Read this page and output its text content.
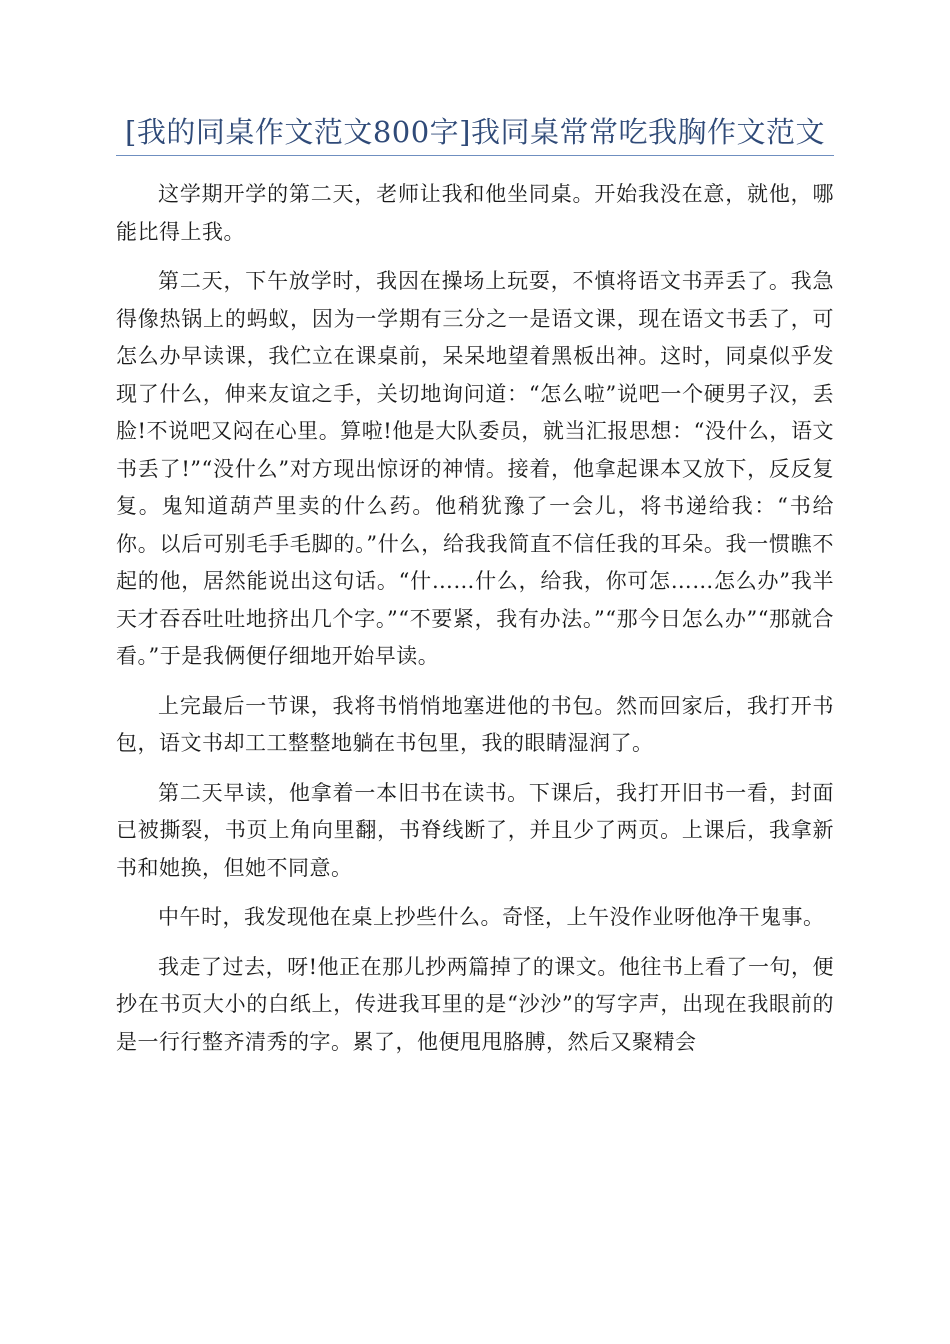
[我的同桌作文范文800字]我同桌常常吃我胸作文范文

这学期开学的第二天，老师让我和他坐同桌。开始我没在意，就他，哪能比得上我。

第二天，下午放学时，我因在操场上玩耍，不慎将语文书弄丢了。我急得像热锅上的蚂蚁，因为一学期有三分之一是语文课，现在语文书丢了，可怎么办早读课，我伫立在课桌前，呆呆地望着黑板出神。这时，同桌似乎发现了什么，伸来友谊之手，关切地询问道：“怎么啦”说吧一个硬男子汉，丢脸!不说吧又闷在心里。算啦!他是大队委员，就当汇报思想：“没什么，语文书丢了!”“没什么”对方现出惊讶的神情。接着，他拿起课本又放下，反反复复。鬼知道葫芦里卖的什么药。他稍犹豫了一会儿，将书递给我：“书给你。以后可别毛手毛脚的。”什么，给我我简直不信任我的耳朵。我一惯瞧不起的他，居然能说出这句话。“什……什么，给我，你可怎……怎么办”我半天才吞吞吐吐地挤出几个字。”“不要紧，我有办法。”“那今日怎么办”“那就合看。”于是我俩便仔细地开始早读。

上完最后一节课，我将书悄悄地塞进他的书包。然而回家后，我打开书包，语文书却工工整整地躺在书包里，我的眼睛湿润了。

第二天早读，他拿着一本旧书在读书。下课后，我打开旧书一看，封面已被撕裂，书页上角向里翻，书脊线断了，并且少了两页。上课后，我拿新书和她换，但她不同意。

中午时，我发现他在桌上抄些什么。奇怪，上午没作业呀他净干鬼事。

我走了过去，呀!他正在那儿抄两篇掉了的课文。他往书上看了一句，便抄在书页大小的白纸上，传进我耳里的是“沙沙”的写字声，出现在我眼前的是一行行整齐清秀的字。累了，他便甩甩胳膊，然后又聚精会
